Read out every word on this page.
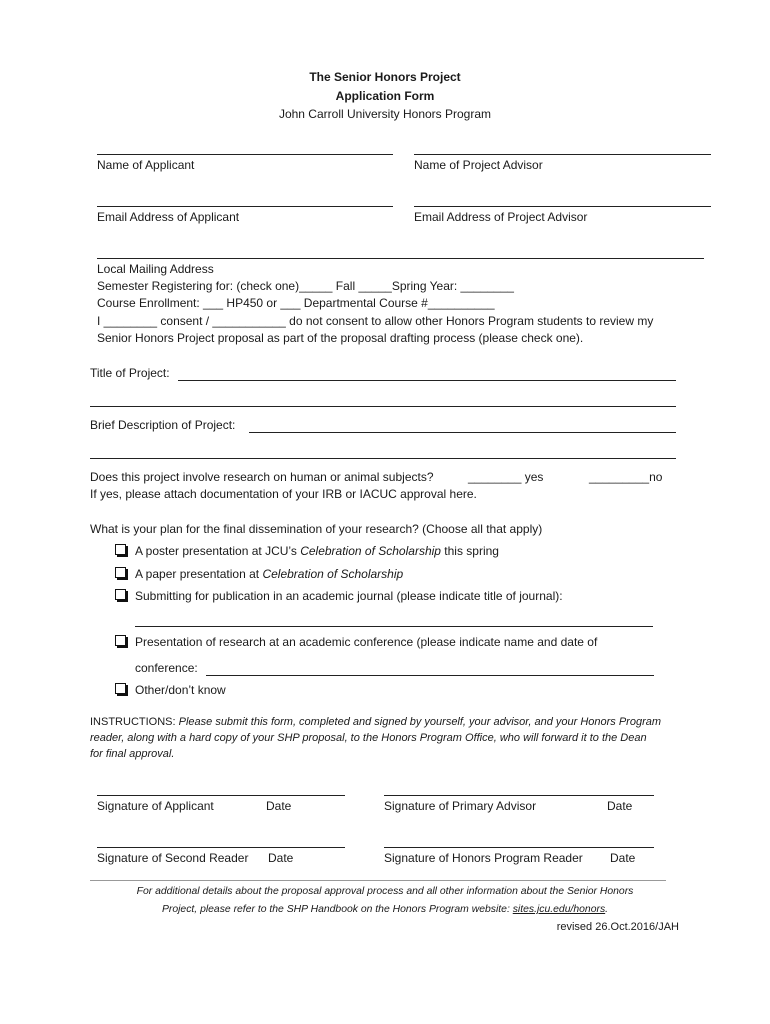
The Senior Honors Project
Application Form
John Carroll University Honors Program
Name of Applicant	Name of Project Advisor
Email Address of Applicant	Email Address of Project Advisor
Local Mailing Address
Semester Registering for: (check one)_____ Fall _____Spring Year: ________
Course Enrollment: ___ HP450 or ___ Departmental Course #__________
I ________ consent / ___________ do not consent to allow other Honors Program students to review my
Senior Honors Project proposal as part of the proposal drafting process (please check one).
Title of Project:
Brief Description of Project:
Does this project involve research on human or animal subjects?	________ yes	_________no
If yes, please attach documentation of your IRB or IACUC approval here.
What is your plan for the final dissemination of your research? (Choose all that apply)
A poster presentation at JCU’s Celebration of Scholarship this spring
A paper presentation at Celebration of Scholarship
Submitting for publication in an academic journal (please indicate title of journal):
Presentation of research at an academic conference (please indicate name and date of
conference:
Other/don’t know
INSTRUCTIONS: Please submit this form, completed and signed by yourself, your advisor, and your Honors Program
reader, along with a hard copy of your SHP proposal, to the Honors Program Office, who will forward it to the Dean
for final approval.
Signature of Applicant	Date	Signature of Primary Advisor	Date
Signature of Second Reader Date	Signature of Honors Program Reader Date
For additional details about the proposal approval process and all other information about the Senior Honors
Project, please refer to the SHP Handbook on the Honors Program website: sites.jcu.edu/honors.
revised 26.Oct.2016/JAH
